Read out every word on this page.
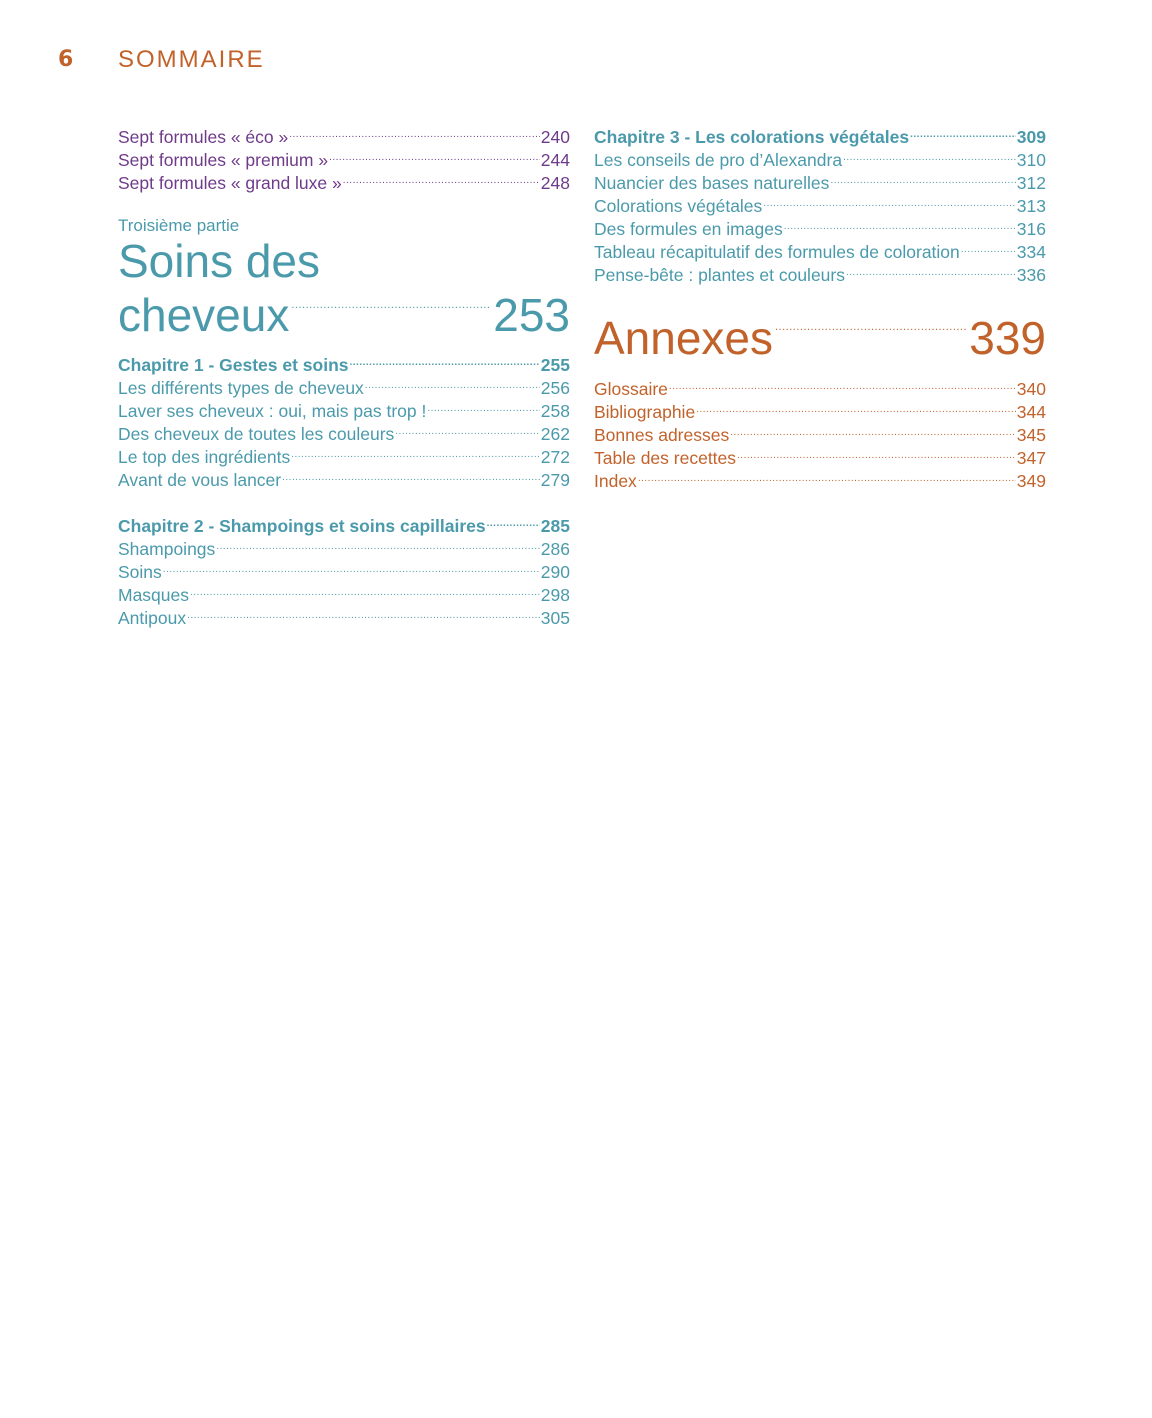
6 SOMMAIRE
Sept formules « éco » .....	240
Sept formules « premium » .....	244
Sept formules « grand luxe » .....	248
Troisième partie
Soins des
cheveux .....	253
Chapitre 1 - Gestes et soins .....	255
Les différents types de cheveux .....	256
Laver ses cheveux : oui, mais pas trop ! .....	258
Des cheveux de toutes les couleurs .....	262
Le top des ingrédients .....	272
Avant de vous lancer .....	279
Chapitre 2 - Shampoings et soins capillaires .....	285
Shampoings .....	286
Soins .....	290
Masques .....	298
Antipoux .....	305
Chapitre 3 - Les colorations végétales .....	309
Les conseils de pro d’Alexandra .....	310
Nuancier des bases naturelles .....	312
Colorations végétales .....	313
Des formules en images .....	316
Tableau récapitulatif des formules de coloration .....	334
Pense-bête : plantes et couleurs .....	336
Annexes .....	339
Glossaire .....	340
Bibliographie .....	344
Bonnes adresses .....	345
Table des recettes .....	347
Index .....	349
